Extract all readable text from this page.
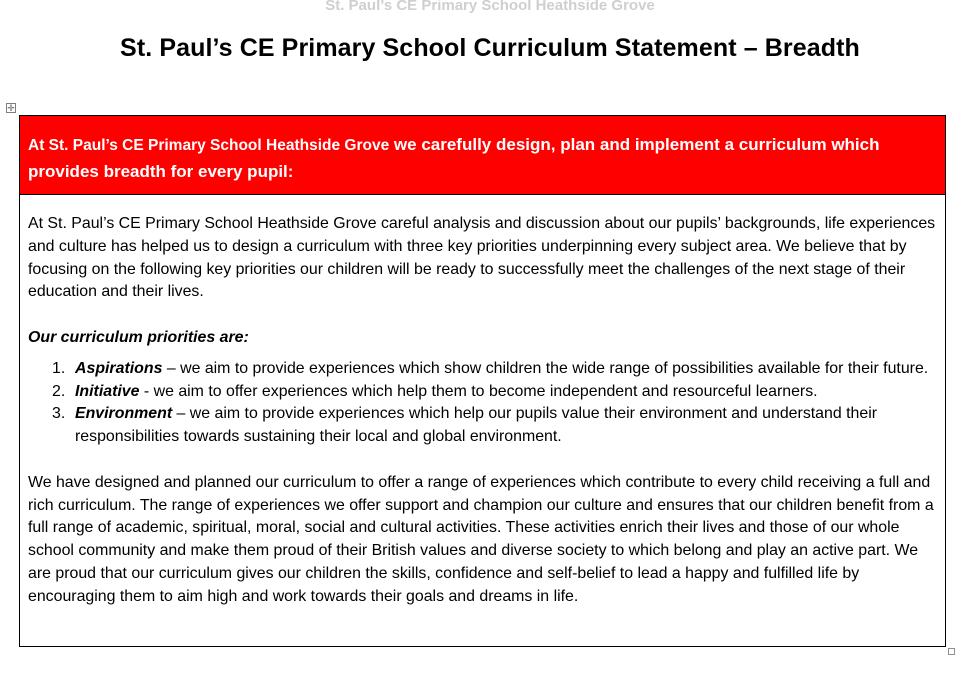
St. Paul’s CE Primary School Heathside Grove
St. Paul’s CE Primary School Curriculum Statement – Breadth
✛
At St. Paul’s CE Primary School Heathside Grove we carefully design, plan and implement a curriculum which provides breadth for every pupil:

At St. Paul’s CE Primary School Heathside Grove careful analysis and discussion about our pupils’ backgrounds, life experiences and culture has helped us to design a curriculum with three key priorities underpinning every subject area. We believe that by focusing on the following key priorities our children will be ready to successfully meet the challenges of the next stage of their education and their lives.

Our curriculum priorities are:

1. Aspirations – we aim to provide experiences which show children the wide range of possibilities available for their future.
2. Initiative - we aim to offer experiences which help them to become independent and resourceful learners.
3. Environment – we aim to provide experiences which help our pupils value their environment and understand their responsibilities towards sustaining their local and global environment.

We have designed and planned our curriculum to offer a range of experiences which contribute to every child receiving a full and rich curriculum. The range of experiences we offer support and champion our culture and ensures that our children benefit from a full range of academic, spiritual, moral, social and cultural activities. These activities enrich their lives and those of our whole school community and make them proud of their British values and diverse society to which belong and play an active part. We are proud that our curriculum gives our children the skills, confidence and self-belief to lead a happy and fulfilled life by encouraging them to aim high and work towards their goals and dreams in life.
